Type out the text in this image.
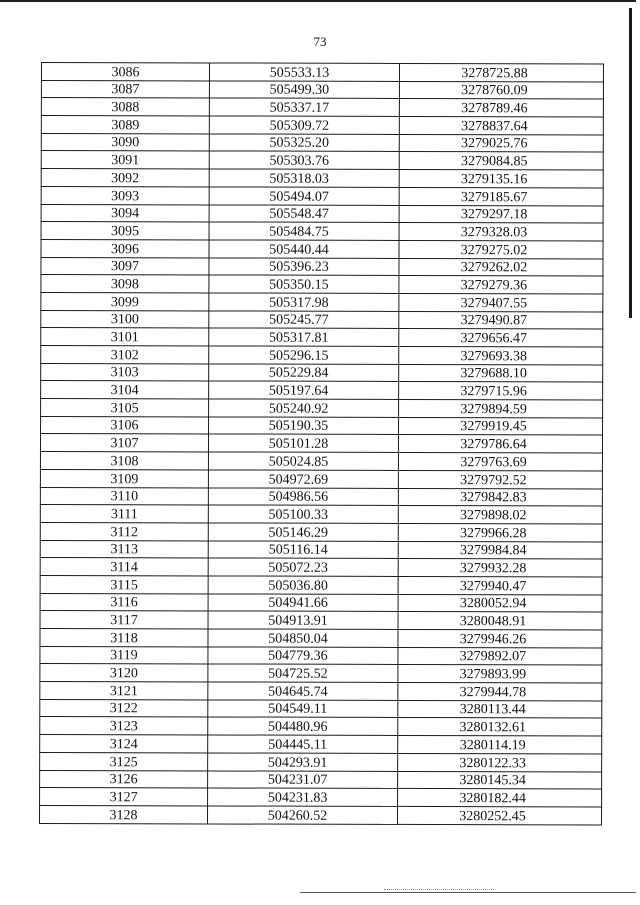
73
3086	505533.13	3278725.88
3087	505499.30	3278760.09
3088	505337.17	3278789.46
3089	505309.72	3278837.64
3090	505325.20	3279025.76
3091	505303.76	3279084.85
3092	505318.03	3279135.16
3093	505494.07	3279185.67
3094	505548.47	3279297.18
3095	505484.75	3279328.03
3096	505440.44	3279275.02
3097	505396.23	3279262.02
3098	505350.15	3279279.36
3099	505317.98	3279407.55
3100	505245.77	3279490.87
3101	505317.81	3279656.47
3102	505296.15	3279693.38
3103	505229.84	3279688.10
3104	505197.64	3279715.96
3105	505240.92	3279894.59
3106	505190.35	3279919.45
3107	505101.28	3279786.64
3108	505024.85	3279763.69
3109	504972.69	3279792.52
3110	504986.56	3279842.83
3111	505100.33	3279898.02
3112	505146.29	3279966.28
3113	505116.14	3279984.84
3114	505072.23	3279932.28
3115	505036.80	3279940.47
3116	504941.66	3280052.94
3117	504913.91	3280048.91
3118	504850.04	3279946.26
3119	504779.36	3279892.07
3120	504725.52	3279893.99
3121	504645.74	3279944.78
3122	504549.11	3280113.44
3123	504480.96	3280132.61
3124	504445.11	3280114.19
3125	504293.91	3280122.33
3126	504231.07	3280145.34
3127	504231.83	3280182.44
3128	504260.52	3280252.45
